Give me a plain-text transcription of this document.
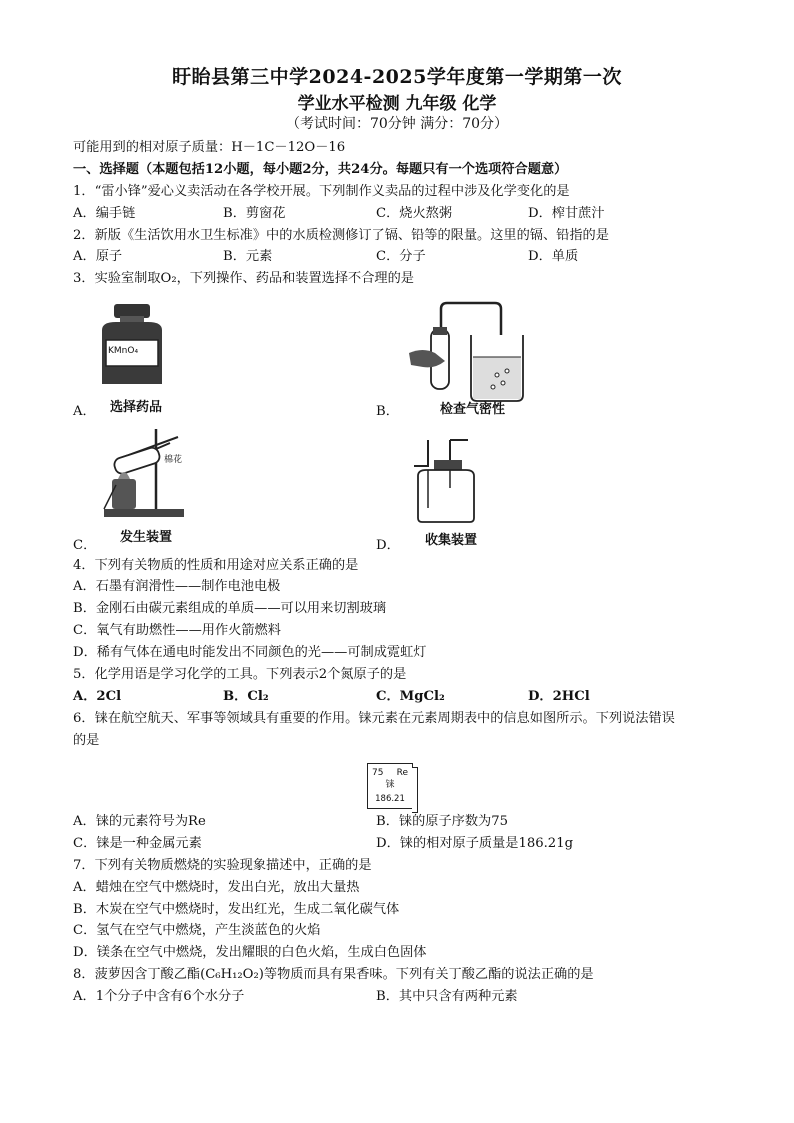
盱眙县第三中学2024-2025学年度第一学期第一次
学业水平检测 九年级 化学
（考试时间：70分钟 满分：70分）
可能用到的相对原子质量：H－1C－12O－16
一、选择题（本题包括12小题，每小题2分，共24分。每题只有一个选项符合题意）
1．“雷小锋”爱心义卖活动在各学校开展。下列制作义卖品的过程中涉及化学变化的是
A．编手链	B．剪窗花	C．烧火熬粥	D．榨甘蔗汁
2．新版《生活饮用水卫生标准》中的水质检测修订了镉、铅等的限量。这里的镉、铅指的是
A．原子	B．元素	C．分子	D．单质
3．实验室制取O₂，下列操作、药品和装置选择不合理的是
KMnO₄
选择药品
A．	检查气密性
B．
棉花
发生装置
C．	收集装置
D．
4．下列有关物质的性质和用途对应关系正确的是
A．石墨有润滑性——制作电池电极
B．金刚石由碳元素组成的单质——可以用来切割玻璃
C．氧气有助燃性——用作火箭燃料
D．稀有气体在通电时能发出不同颜色的光——可制成霓虹灯
5．化学用语是学习化学的工具。下列表示2个氮原子的是
A．2Cl	B．Cl₂	C．MgCl₂	D．2HCl
6．铼在航空航天、军事等领域具有重要的作用。铼元素在元素周期表中的信息如图所示。下列说法错误
的是
75 Re
铼
186.21
A．铼的元素符号为Re	B．铼的原子序数为75
C．铼是一种金属元素	D．铼的相对原子质量是186.21g
7．下列有关物质燃烧的实验现象描述中，正确的是
A．蜡烛在空气中燃烧时，发出白光，放出大量热
B．木炭在空气中燃烧时，发出红光，生成二氧化碳气体
C．氢气在空气中燃烧，产生淡蓝色的火焰
D．镁条在空气中燃烧，发出耀眼的白色火焰，生成白色固体
8．菠萝因含丁酸乙酯(C₆H₁₂O₂)等物质而具有果香味。下列有关丁酸乙酯的说法正确的是
A．1个分子中含有6个水分子	B．其中只含有两种元素
